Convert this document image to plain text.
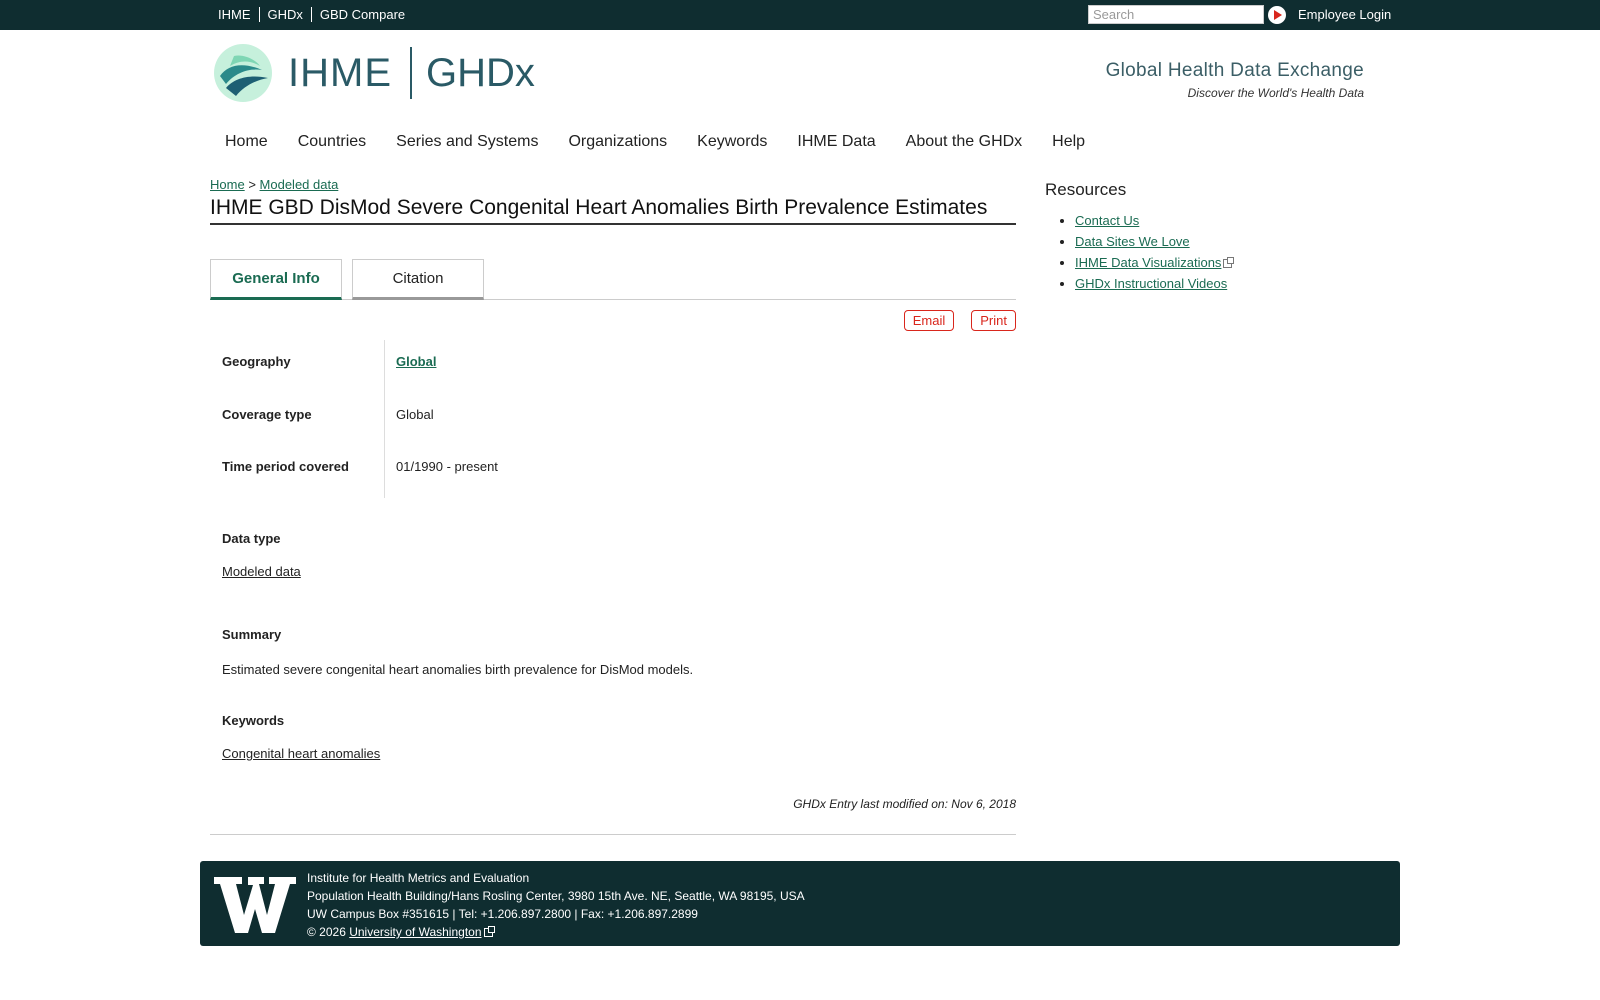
IHME	GHDx	GBD Compare
Search	Employee Login
IHME GHDx	Global Health Data Exchange
Discover the World's Health Data
Home	Countries	Series and Systems	Organizations	Keywords	IHME Data	About the GHDx	Help
Home > Modeled data
IHME GBD DisMod Severe Congenital Heart Anomalies Birth Prevalence Estimates
General Info	Citation
Email	Print
Geography	Global
Coverage type	Global
Time period covered	01/1990 - present
Data type
Modeled data
Summary
Estimated severe congenital heart anomalies birth prevalence for DisMod models.
Keywords
Congenital heart anomalies
GHDx Entry last modified on: Nov 6, 2018
Resources
• Contact Us
• Data Sites We Love
• IHME Data Visualizations
• GHDx Instructional Videos
Institute for Health Metrics and Evaluation
Population Health Building/Hans Rosling Center, 3980 15th Ave. NE, Seattle, WA 98195, USA
UW Campus Box #351615 | Tel: +1.206.897.2800 | Fax: +1.206.897.2899
© 2026 University of Washington
